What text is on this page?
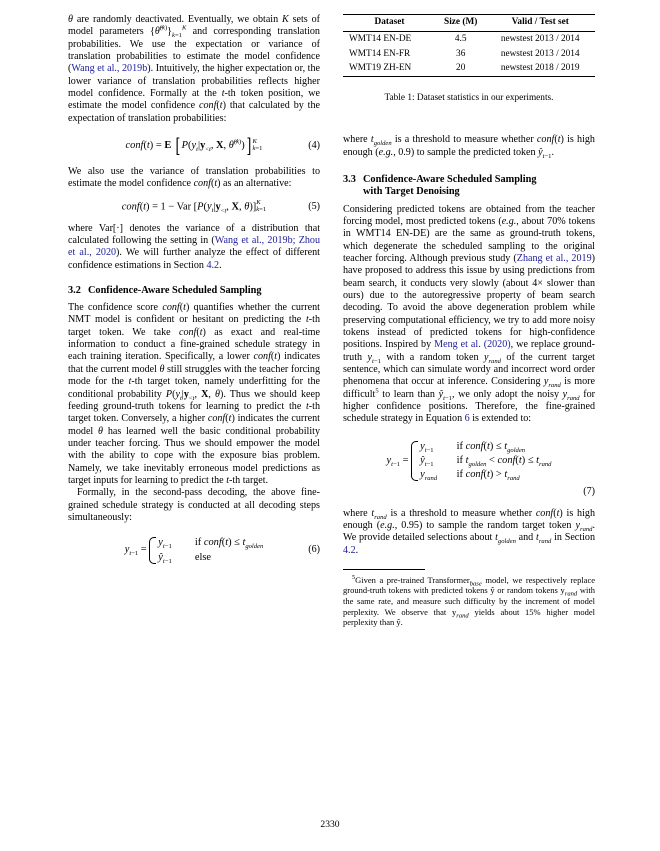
θ are randomly deactivated. Eventually, we obtain K sets of model parameters $\{\thetâ^{(k)}\}_{k=1}^K$ and corresponding translation probabilities. We use the expectation or variance of translation probabilities to estimate the model confidence (Wang et al., 2019b). Intuitively, the higher expectation or, the lower variance of translation probabilities reflects higher model confidence. Formally at the t-th token position, we estimate the model confidence conf(t) that calculated by the expectation of translation probabilities:

conf(t) = E [$P(y_t|y_{<t}$, X, θ̂$^{(k)}$)] K
k=1	(4)

We also use the variance of translation probabilities to estimate the model confidence conf(t) as an alternative:

conf(t) = 1 − Var [$P(y_t|y_{<t}$, X, θ)] K
k=1	(5)

where Var[·] denotes the variance of a distribution that calculated following the setting in (Wang et al., 2019b; Zhou et al., 2020). We will further analyze the effect of different confidence estimations in Section 4.2.

3.2 Confidence-Aware Scheduled Sampling

The confidence score conf(t) quantifies whether the current NMT model is confident or hesitant on predicting the t-th target token. We take conf(t) as exact and real-time information to conduct a fine-grained schedule strategy in each training iteration. Specifically, a lower conf(t) indicates that the current model θ still struggles with the teacher forcing mode for the t-th target token, namely underfitting for the conditional probability $P(y_t|y_{<t}$, X, θ). Thus we should keep feeding ground-truth tokens for learning to predict the t-th target token. Conversely, a higher conf(t) indicates the current model θ has learned well the basic conditional probability under teacher forcing. Thus we should empower the model with the ability to cope with the exposure bias problem. Namely, we take inevitably erroneous model predictions as target inputs for learning to predict the t-th target.

Formally, in the second-pass decoding, the above fine-grained schedule strategy is conducted at all decoding steps simultaneously:

$y_{t-1}$ =
$y_{t-1}$ if conf(t) ≤ $t_{golden}$
$ŷ_{t-1}$ else
(6)
Dataset	Size (M)	Valid / Test set
WMT14 EN-DE	4.5	newstest 2013 / 2014
WMT14 EN-FR	36	newstest 2013 / 2014
WMT19 ZH-EN	20	newstest 2018 / 2019
Table 1: Dataset statistics in our experiments.

where $t_{golden}$ is a threshold to measure whether conf(t) is high enough (e.g., 0.9) to sample the predicted token $ŷ_{t-1}$.

3.3 Confidence-Aware Scheduled Sampling
with Target Denoising

Considering predicted tokens are obtained from the teacher forcing model, most predicted tokens (e.g., about 70% tokens in WMT14 EN-DE) are the same as ground-truth tokens, which degenerate the scheduled sampling to the original teacher forcing. Although previous study (Zhang et al., 2019) have proposed to address this issue by using predictions from beam search, it conducts very slowly (about 4× slower than ours) due to the autoregressive property of beam search decoding. To avoid the above degeneration problem while preserving computational efficiency, we try to add more noisy tokens instead of predicted tokens for high-confidence positions. Inspired by Meng et al. (2020), we replace ground-truth $y_{t-1}$ with a random token $y_{rand}$ of the current target sentence, which can simulate wordy and incorrect word order phenomena that occur at inference. Considering $y_{rand}$ is more difficult$^5$ to learn than $ŷ_{t-1}$, we only adopt the noisy $y_{rand}$ for higher confidence positions. Therefore, the fine-grained schedule strategy in Equation 6 is extended to:

$y_{t-1}$ =
$y_{t-1}$ if conf(t) ≤ $t_{golden}$
$ŷ_{t-1}$ if $t_{golden}$ < conf(t) ≤ $t_{rand}$
$y_{rand}$ if conf(t) > $t_{rand}$
(7)

where $t_{rand}$ is a threshold to measure whether conf(t) is high enough (e.g., 0.95) to sample the random target token $y_{rand}$. We provide detailed selections about $t_{golden}$ and $t_{rand}$ in Section 4.2.

$^5$Given a pre-trained Transformer$_{base}$ model, we respectively replace ground-truth tokens with predicted tokens ŷ or random tokens $y_{rand}$ with the same rate, and measure such difficulty by the increment of model perplexity. We observe that $y_{rand}$ yields about 15% higher model perplexity than ŷ.
2330
